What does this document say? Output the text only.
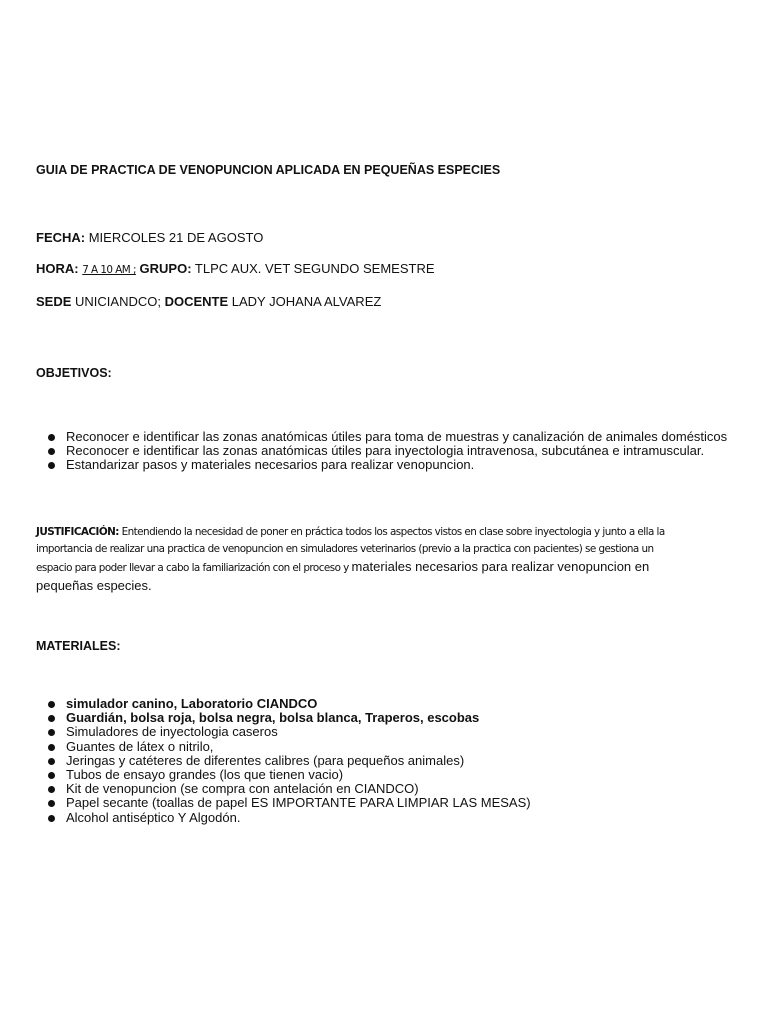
GUIA DE PRACTICA DE VENOPUNCION APLICADA EN PEQUEÑAS ESPECIES
FECHA: MIERCOLES 21 DE AGOSTO
HORA: 7 A 10 AM ; GRUPO: TLPC AUX. VET SEGUNDO SEMESTRE
SEDE UNICIANDCO; DOCENTE LADY JOHANA ALVAREZ
OBJETIVOS:
Reconocer e identificar las zonas anatómicas útiles para toma de muestras y canalización de animales domésticos
Reconocer e identificar las zonas anatómicas útiles para inyectologia intravenosa, subcutánea e intramuscular.
Estandarizar pasos y materiales necesarios para realizar venopuncion.
JUSTIFICACIÓN: Entendiendo la necesidad de poner en práctica todos los aspectos vistos en clase sobre inyectologia y junto a ella la
importancia de realizar una practica de venopuncion en simuladores veterinarios (previo a la practica con pacientes) se gestiona un
espacio para poder llevar a cabo la familiarización con el proceso y materiales necesarios para realizar venopuncion en
pequeñas especies.
MATERIALES:
simulador canino, Laboratorio CIANDCO
Guardián, bolsa roja, bolsa negra, bolsa blanca, Traperos, escobas
Simuladores de inyectologia caseros
Guantes de látex o nitrilo,
Jeringas y catéteres de diferentes calibres (para pequeños animales)
Tubos de ensayo grandes (los que tienen vacio)
Kit de venopuncion (se compra con antelación en CIANDCO)
Papel secante (toallas de papel ES IMPORTANTE PARA LIMPIAR LAS MESAS)
Alcohol antiséptico Y Algodón.
